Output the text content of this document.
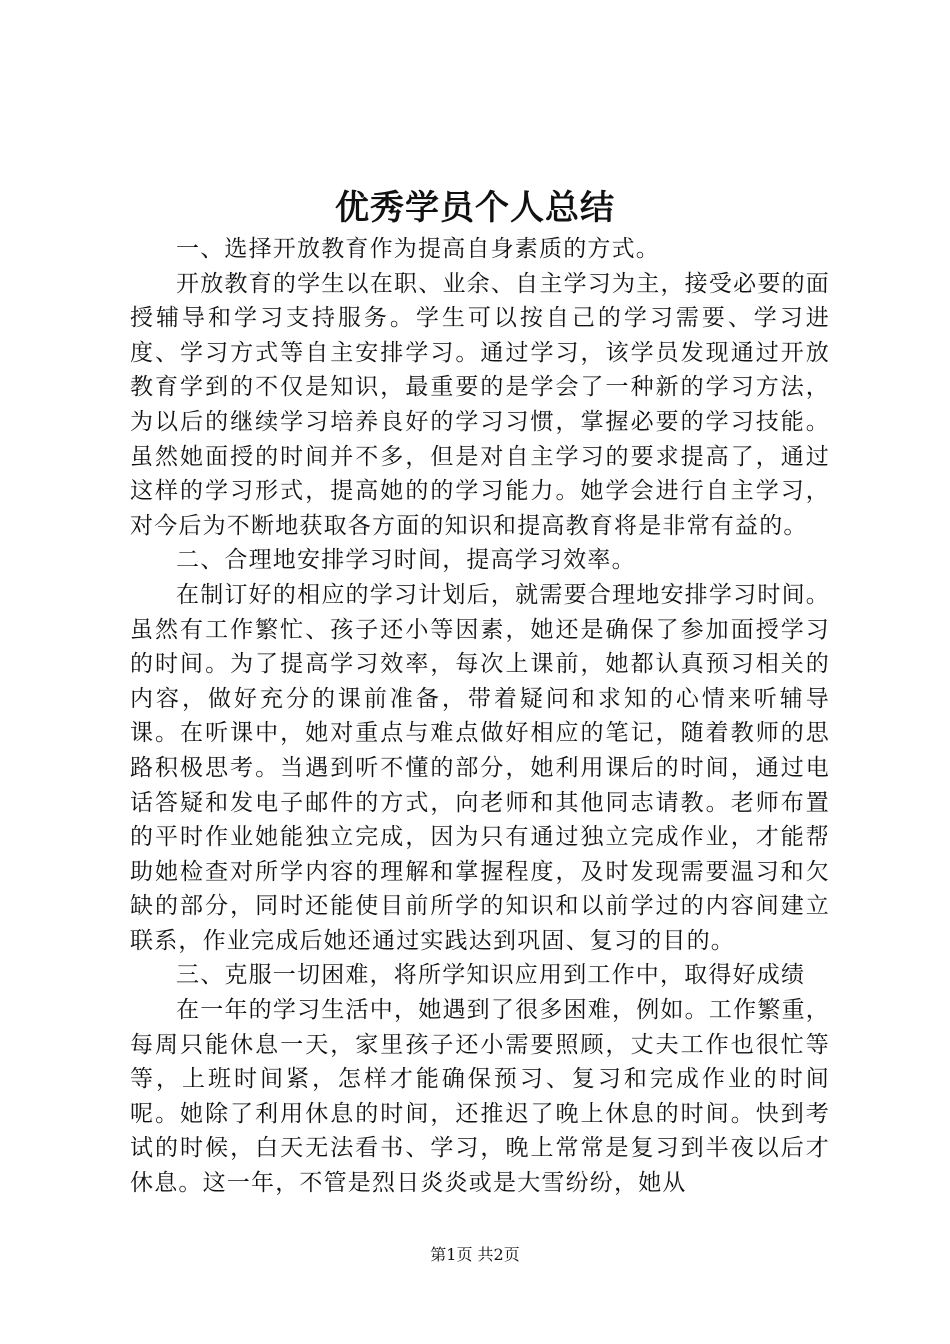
优秀学员个人总结

一、选择开放教育作为提高自身素质的方式。

开放教育的学生以在职、业余、自主学习为主，接受必要的面授辅导和学习支持服务。学生可以按自己的学习需要、学习进度、学习方式等自主安排学习。通过学习，该学员发现通过开放教育学到的不仅是知识，最重要的是学会了一种新的学习方法，为以后的继续学习培养良好的学习习惯，掌握必要的学习技能。虽然她面授的时间并不多，但是对自主学习的要求提高了，通过这样的学习形式，提高她的的学习能力。她学会进行自主学习，对今后为不断地获取各方面的知识和提高教育将是非常有益的。

二、合理地安排学习时间，提高学习效率。

在制订好的相应的学习计划后，就需要合理地安排学习时间。虽然有工作繁忙、孩子还小等因素，她还是确保了参加面授学习的时间。为了提高学习效率，每次上课前，她都认真预习相关的内容，做好充分的课前准备，带着疑问和求知的心情来听辅导课。在听课中，她对重点与难点做好相应的笔记，随着教师的思路积极思考。当遇到听不懂的部分，她利用课后的时间，通过电话答疑和发电子邮件的方式，向老师和其他同志请教。老师布置的平时作业她能独立完成，因为只有通过独立完成作业，才能帮助她检查对所学内容的理解和掌握程度，及时发现需要温习和欠缺的部分，同时还能使目前所学的知识和以前学过的内容间建立联系，作业完成后她还通过实践达到巩固、复习的目的。

三、克服一切困难，将所学知识应用到工作中，取得好成绩

在一年的学习生活中，她遇到了很多困难，例如。工作繁重，每周只能休息一天，家里孩子还小需要照顾，丈夫工作也很忙等等，上班时间紧，怎样才能确保预习、复习和完成作业的时间呢。她除了利用休息的时间，还推迟了晚上休息的时间。快到考试的时候，白天无法看书、学习，晚上常常是复习到半夜以后才休息。这一年，不管是烈日炎炎或是大雪纷纷，她从

第1页 共2页
